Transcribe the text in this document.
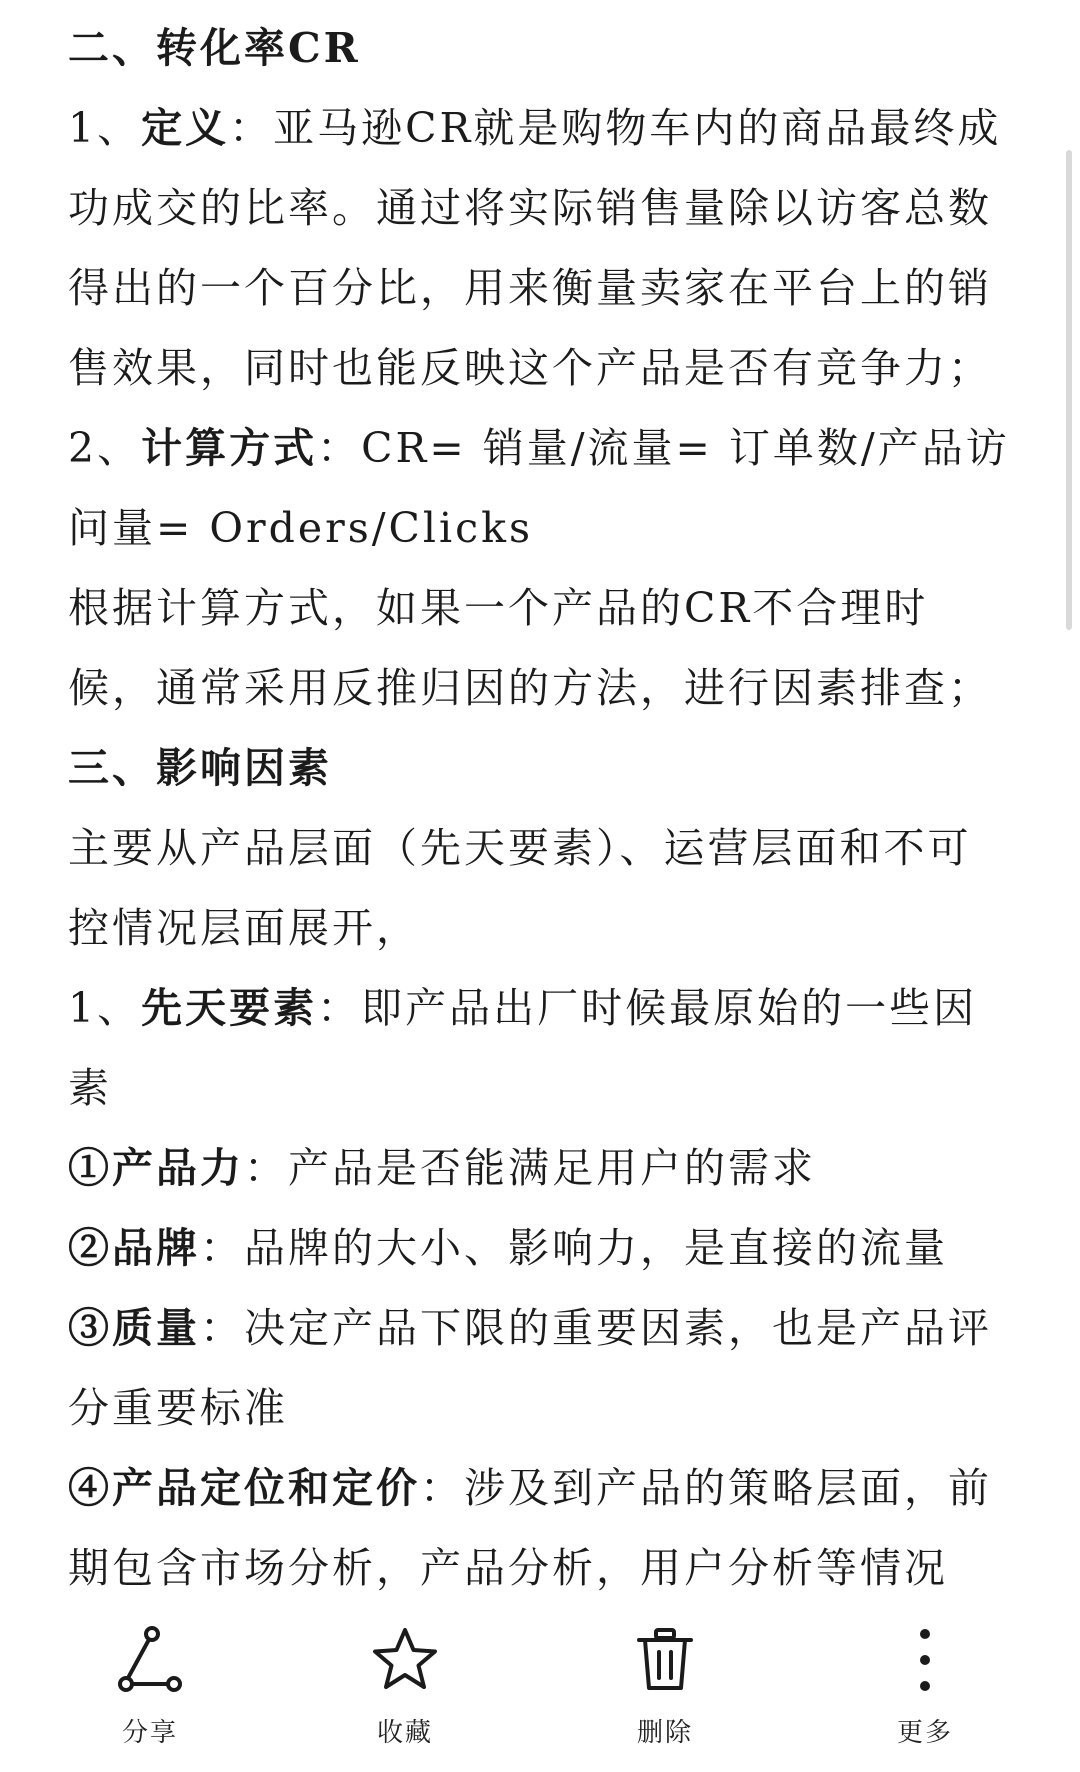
二、转化率CR
1、定义：亚马逊CR就是购物车内的商品最终成
功成交的比率。通过将实际销售量除以访客总数
得出的一个百分比，用来衡量卖家在平台上的销
售效果，同时也能反映这个产品是否有竞争力；
2、计算方式：CR= 销量/流量= 订单数/产品访
问量= Orders/Clicks
根据计算方式，如果一个产品的CR不合理时
候，通常采用反推归因的方法，进行因素排查；
三、影响因素
主要从产品层面（先天要素）、运营层面和不可
控情况层面展开，
1、先天要素：即产品出厂时候最原始的一些因
素
①产品力：产品是否能满足用户的需求
②品牌：品牌的大小、影响力，是直接的流量
③质量：决定产品下限的重要因素，也是产品评
分重要标准
④产品定位和定价：涉及到产品的策略层面，前
期包含市场分析，产品分析，用户分析等情况
分享	收藏	删除	更多
